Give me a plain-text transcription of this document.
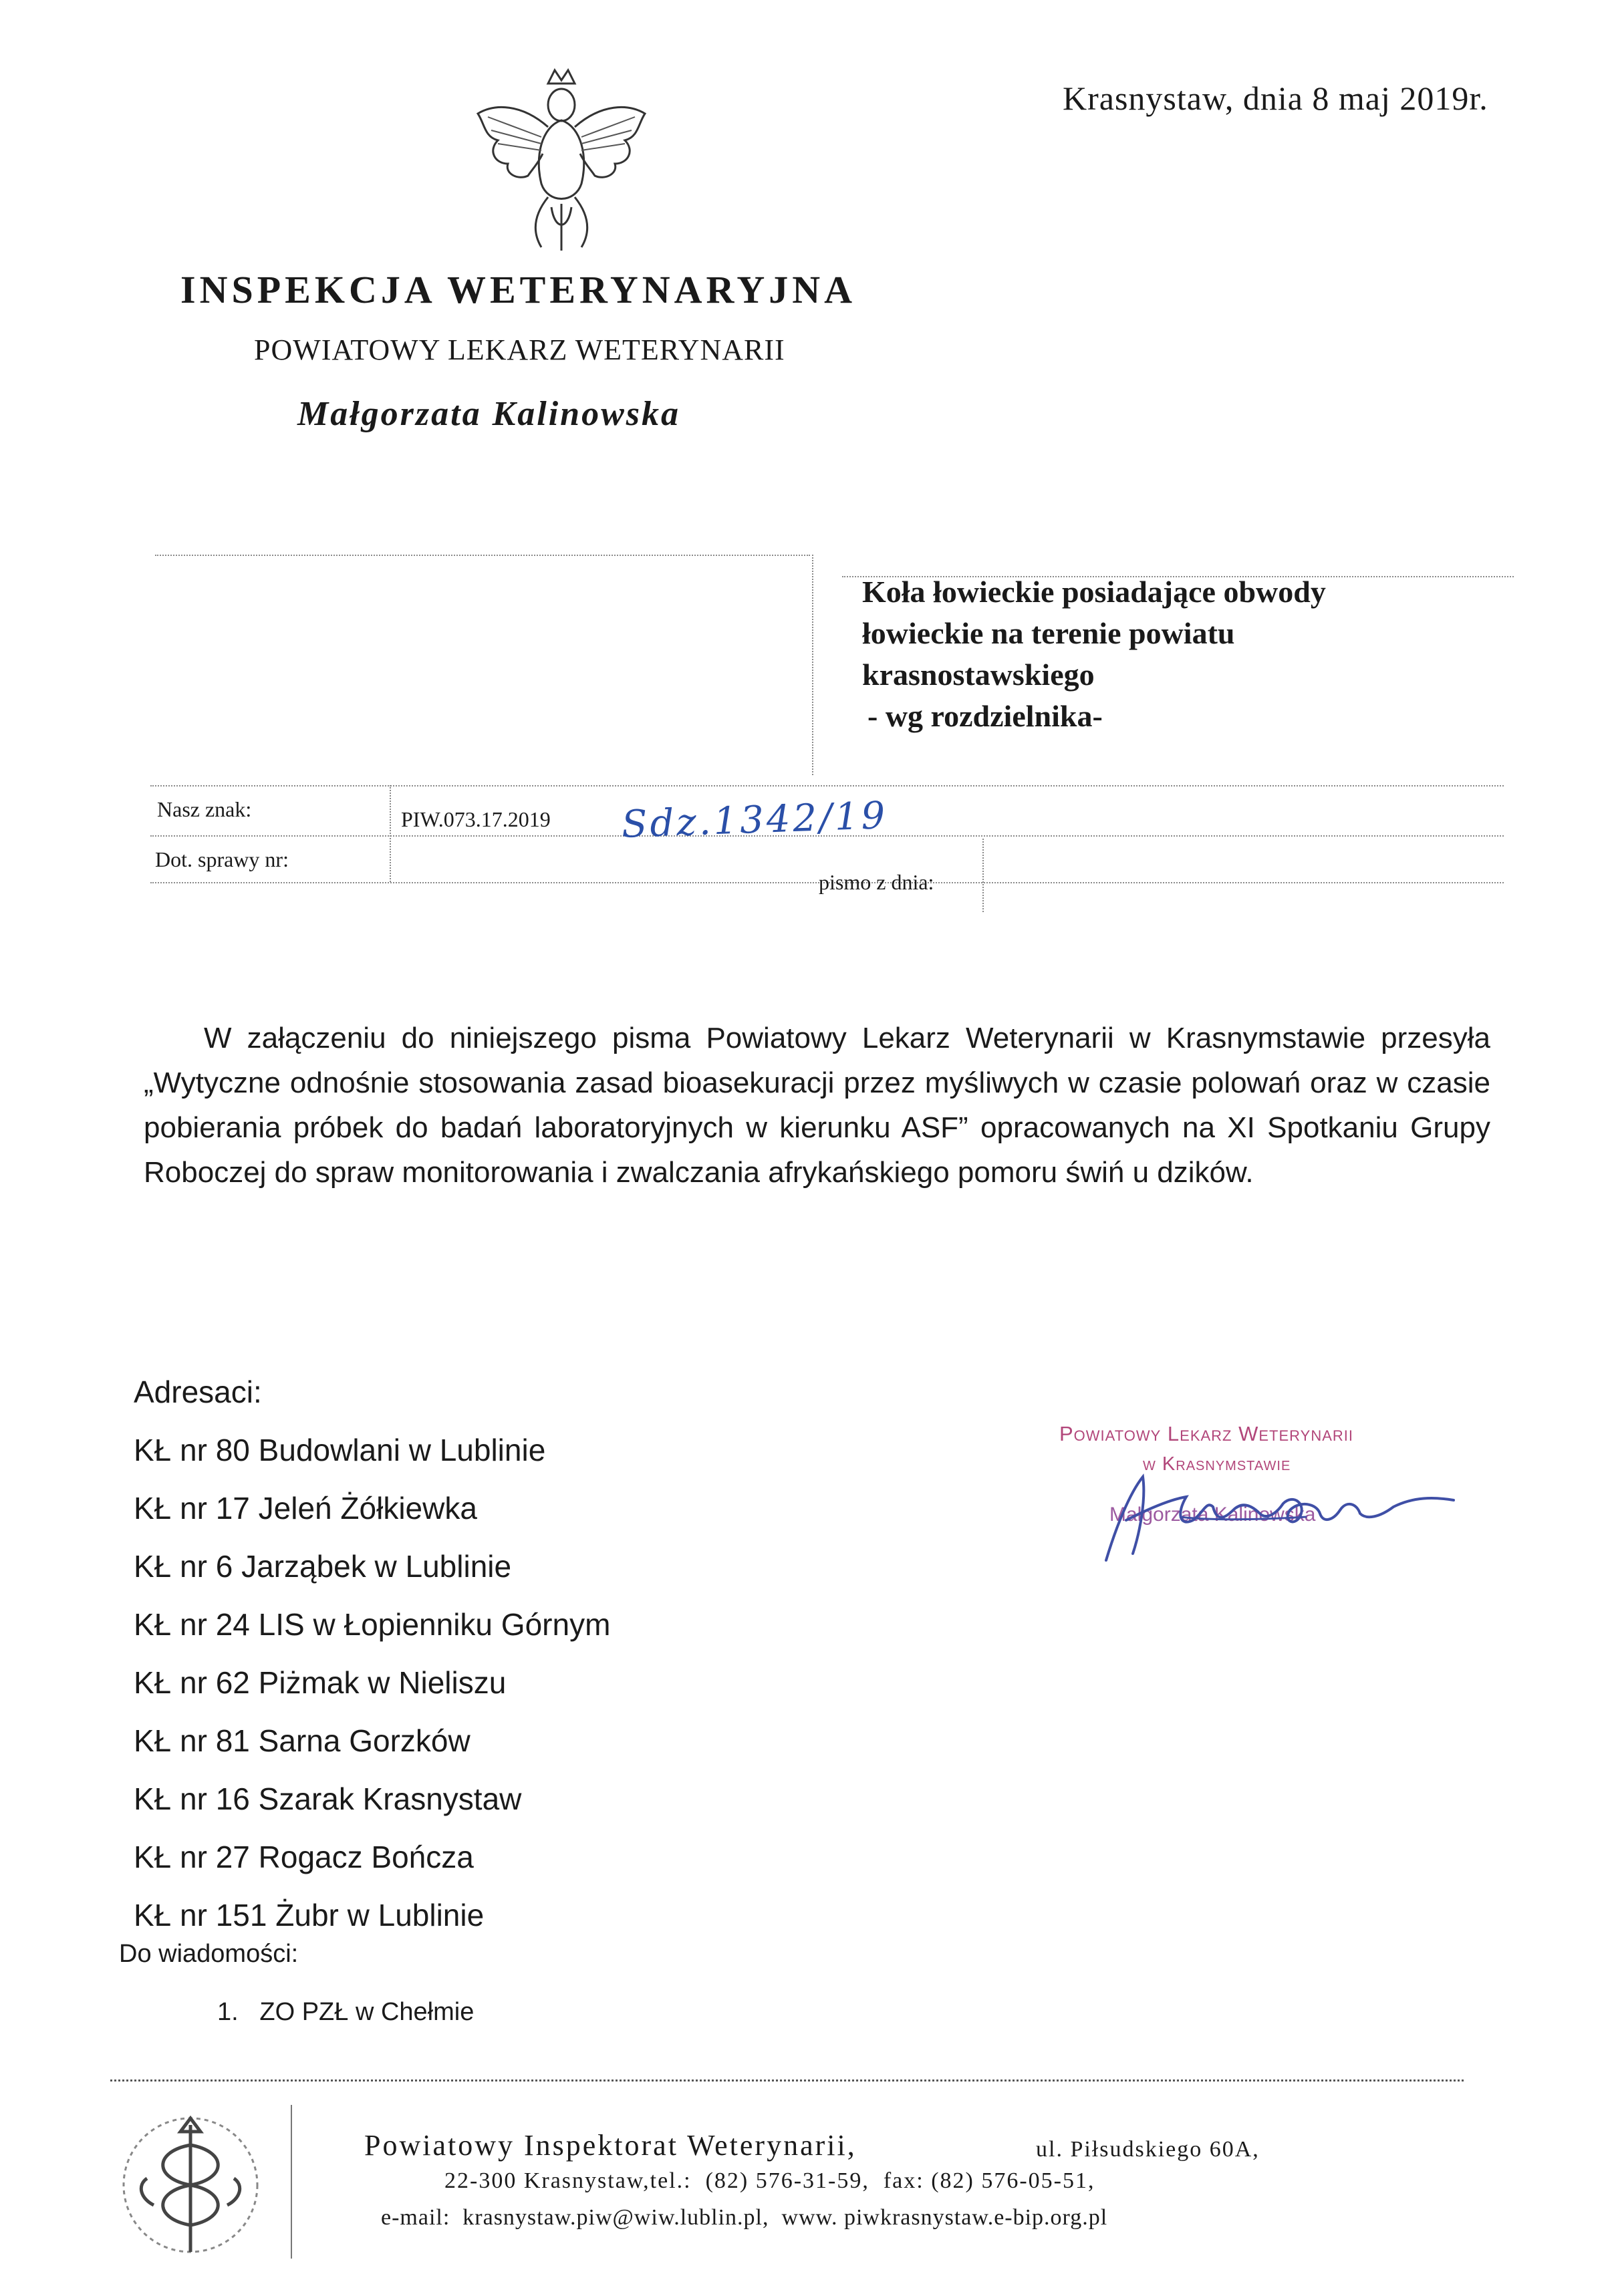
Krasnystaw, dnia 8 maj 2019r.
INSPEKCJA WETERYNARYJNA
POWIATOWY LEKARZ WETERYNARII
Małgorzata Kalinowska
Koła łowieckie posiadające obwody
łowieckie na terenie powiatu
krasnostawskiego
- wg rozdzielnika-
Nasz znak:	PIW.073.17.2019 Sdz.1342/19
Dot. sprawy nr:
pismo z dnia:
W załączeniu do niniejszego pisma Powiatowy Lekarz Weterynarii w Krasnymstawie przesyła „Wytyczne odnośnie stosowania zasad bioasekuracji przez myśliwych w czasie polowań oraz w czasie pobierania próbek do badań laboratoryjnych w kierunku ASF” opracowanych na XI Spotkaniu Grupy Roboczej do spraw monitorowania i zwalczania afrykańskiego pomoru świń u dzików.
Adresaci:
KŁ nr 80 Budowlani w Lublinie
KŁ nr 17 Jeleń Żółkiewka
KŁ nr 6 Jarząbek w Lublinie
KŁ nr 24 LIS w Łopienniku Górnym
KŁ nr 62 Piżmak w Nieliszu
KŁ nr 81 Sarna Gorzków
KŁ nr 16 Szarak Krasnystaw
KŁ nr 27 Rogacz Bończa
KŁ nr 151 Żubr w Lublinie
Do wiadomości:
1.   ZO PZŁ w Chełmie
Powiatowy Lekarz Weterynarii
w Krasnymstawie
Małgorzata Kalinowska
Powiatowy Inspektorat Weterynarii,	ul. Piłsudskiego 60A,
22-300 Krasnystaw,tel.:  (82) 576-31-59,  fax: (82) 576-05-51,
e-mail:  krasnystaw.piw@wiw.lublin.pl,  www. piwkrasnystaw.e-bip.org.pl
